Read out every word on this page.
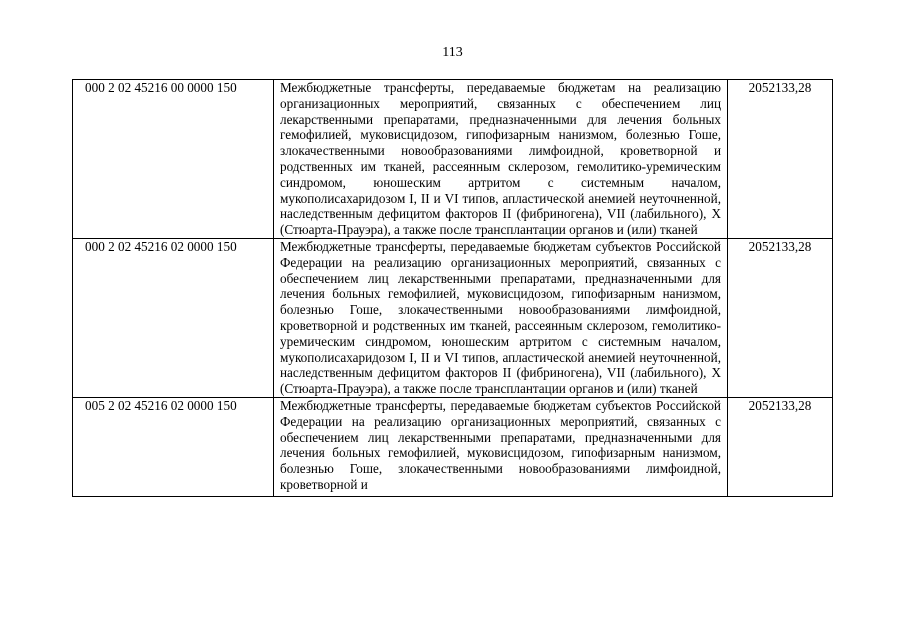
113
000 2 02 45216 00 0000 150	Межбюджетные трансферты, передаваемые бюджетам на реализацию организационных мероприятий, связанных с обеспечением лиц лекарственными препаратами, предназначенными для лечения больных гемофилией, муковисцидозом, гипофизарным нанизмом, болезнью Гоше, злокачественными новообразованиями лимфоидной, кроветворной и родственных им тканей, рассеянным склерозом, гемолитико-уремическим синдромом, юношеским артритом с системным началом, мукополисахаридозом I, II и VI типов, апластической анемией неуточненной, наследственным дефицитом факторов II (фибриногена), VII (лабильного), X (Стюарта-Прауэра), а также после трансплантации органов и (или) тканей	2052133,28
000 2 02 45216 02 0000 150	Межбюджетные трансферты, передаваемые бюджетам субъектов Российской Федерации на реализацию организационных мероприятий, связанных с обеспечением лиц лекарственными препаратами, предназначенными для лечения больных гемофилией, муковисцидозом, гипофизарным нанизмом, болезнью Гоше, злокачественными новообразованиями лимфоидной, кроветворной и родственных им тканей, рассеянным склерозом, гемолитико-уремическим синдромом, юношеским артритом с системным началом, мукополисахаридозом I, II и VI типов, апластической анемией неуточненной, наследственным дефицитом факторов II (фибриногена), VII (лабильного), X (Стюарта-Прауэра), а также после трансплантации органов и (или) тканей	2052133,28
005 2 02 45216 02 0000 150	Межбюджетные трансферты, передаваемые бюджетам субъектов Российской Федерации на реализацию организационных мероприятий, связанных с обеспечением лиц лекарственными препаратами, предназначенными для лечения больных гемофилией, муковисцидозом, гипофизарным нанизмом, болезнью Гоше, злокачественными новообразованиями лимфоидной, кроветворной и	2052133,28
